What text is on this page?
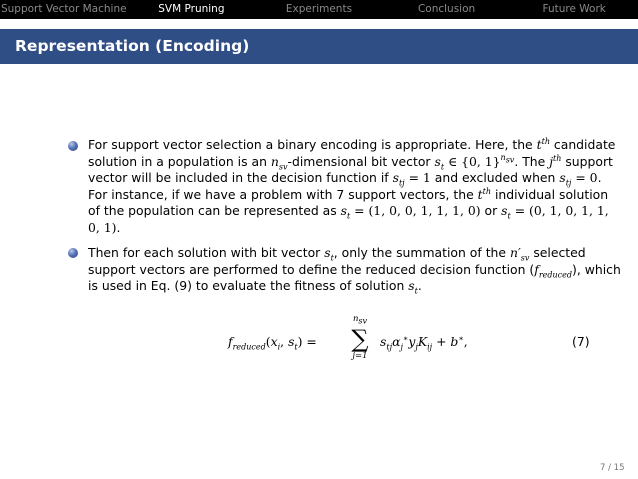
Support Vector Machine	SVM Pruning	Experiments	Conclusion	Future Work
Representation (Encoding)
For support vector selection a binary encoding is appropriate. Here, the $t^{th}$ candidate solution in a population is an $n_{sv}$-dimensional bit vector $s_t$ ∈ {0, 1}$^{n_{sv}}$. The $j^{th}$ support vector will be included in the decision function if $s_{tj} = 1$ and excluded when $s_{tj} = 0$. For instance, if we have a problem with 7 support vectors, the $t^{th}$ individual solution of the population can be represented as $s_t = (1$, 0, 0, 1, 1, 1, 0) or $s_t = (0$, 1, 0, 1, 1, 0, 1).
Then for each solution with bit vector $s_t$, only the summation of the $n'_{sv}$ selected support vectors are performed to define the reduced decision function $(f_{reduced})$, which is used in Eq. (9) to evaluate the fitness of solution $s_t$.
$f_{reduced}(x_i$, $s_t$) =
$n_{sv}$
∑
j=1
$s_{tj}\alpha_j^∗y_jK_{ij} + b^∗$,	(7)
7 / 15
